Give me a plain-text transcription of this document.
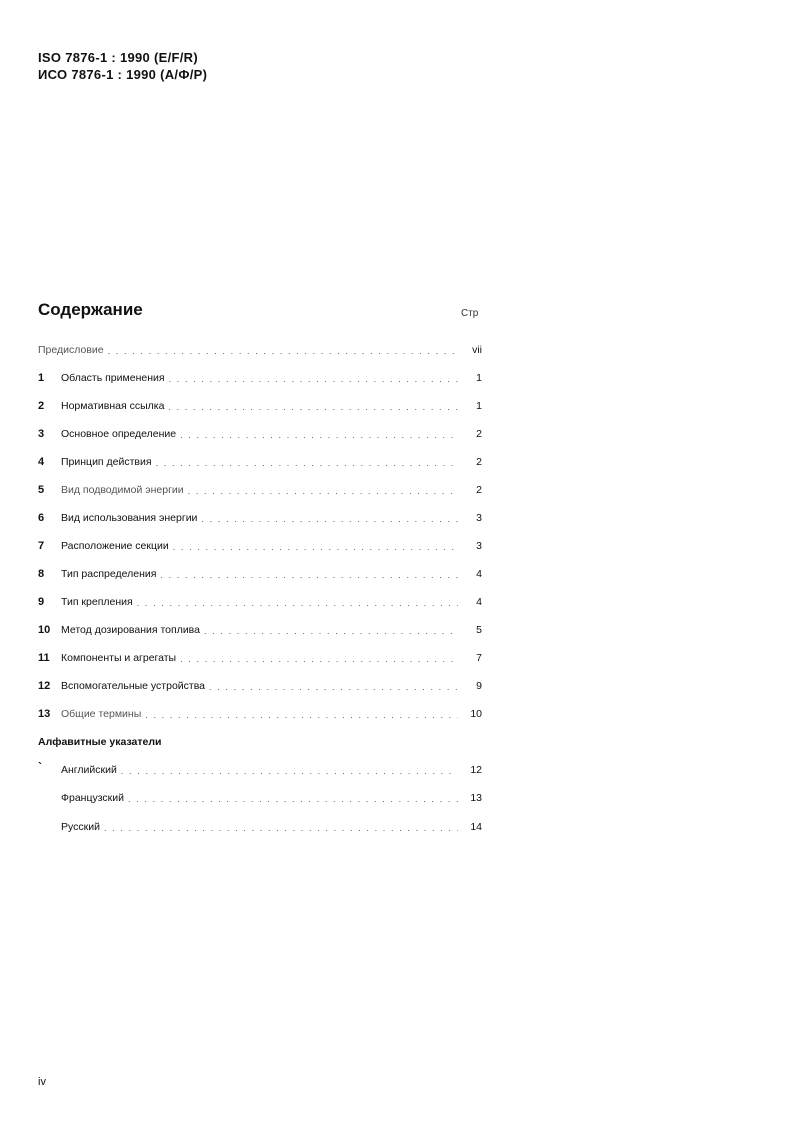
ISO 7876-1 : 1990 (E/F/R)
ИСО 7876-1 : 1990 (А/Ф/Р)
Содержание	Стр
Предисловие . . .	vii
1	Область применения . . .	1
2	Нормативная ссылка . . .	1
3	Основное определение . . .	2
4	Принцип действия . . .	2
5	Вид подводимой энергии . . .	2
6	Вид использования энергии . . .	3
7	Расположение секции . . .	3
8	Тип распределения . . .	4
9	Тип крепления . . .	4
10	Метод дозирования топлива . . .	5
11	Компоненты и агрегаты . . .	7
12	Вспомогательные устройства . . .	9
13	Общие термины . . .	10
Алфавитные указатели
` Английский . . .	12
Французский . . .	13
Русский . . .	14
iv
